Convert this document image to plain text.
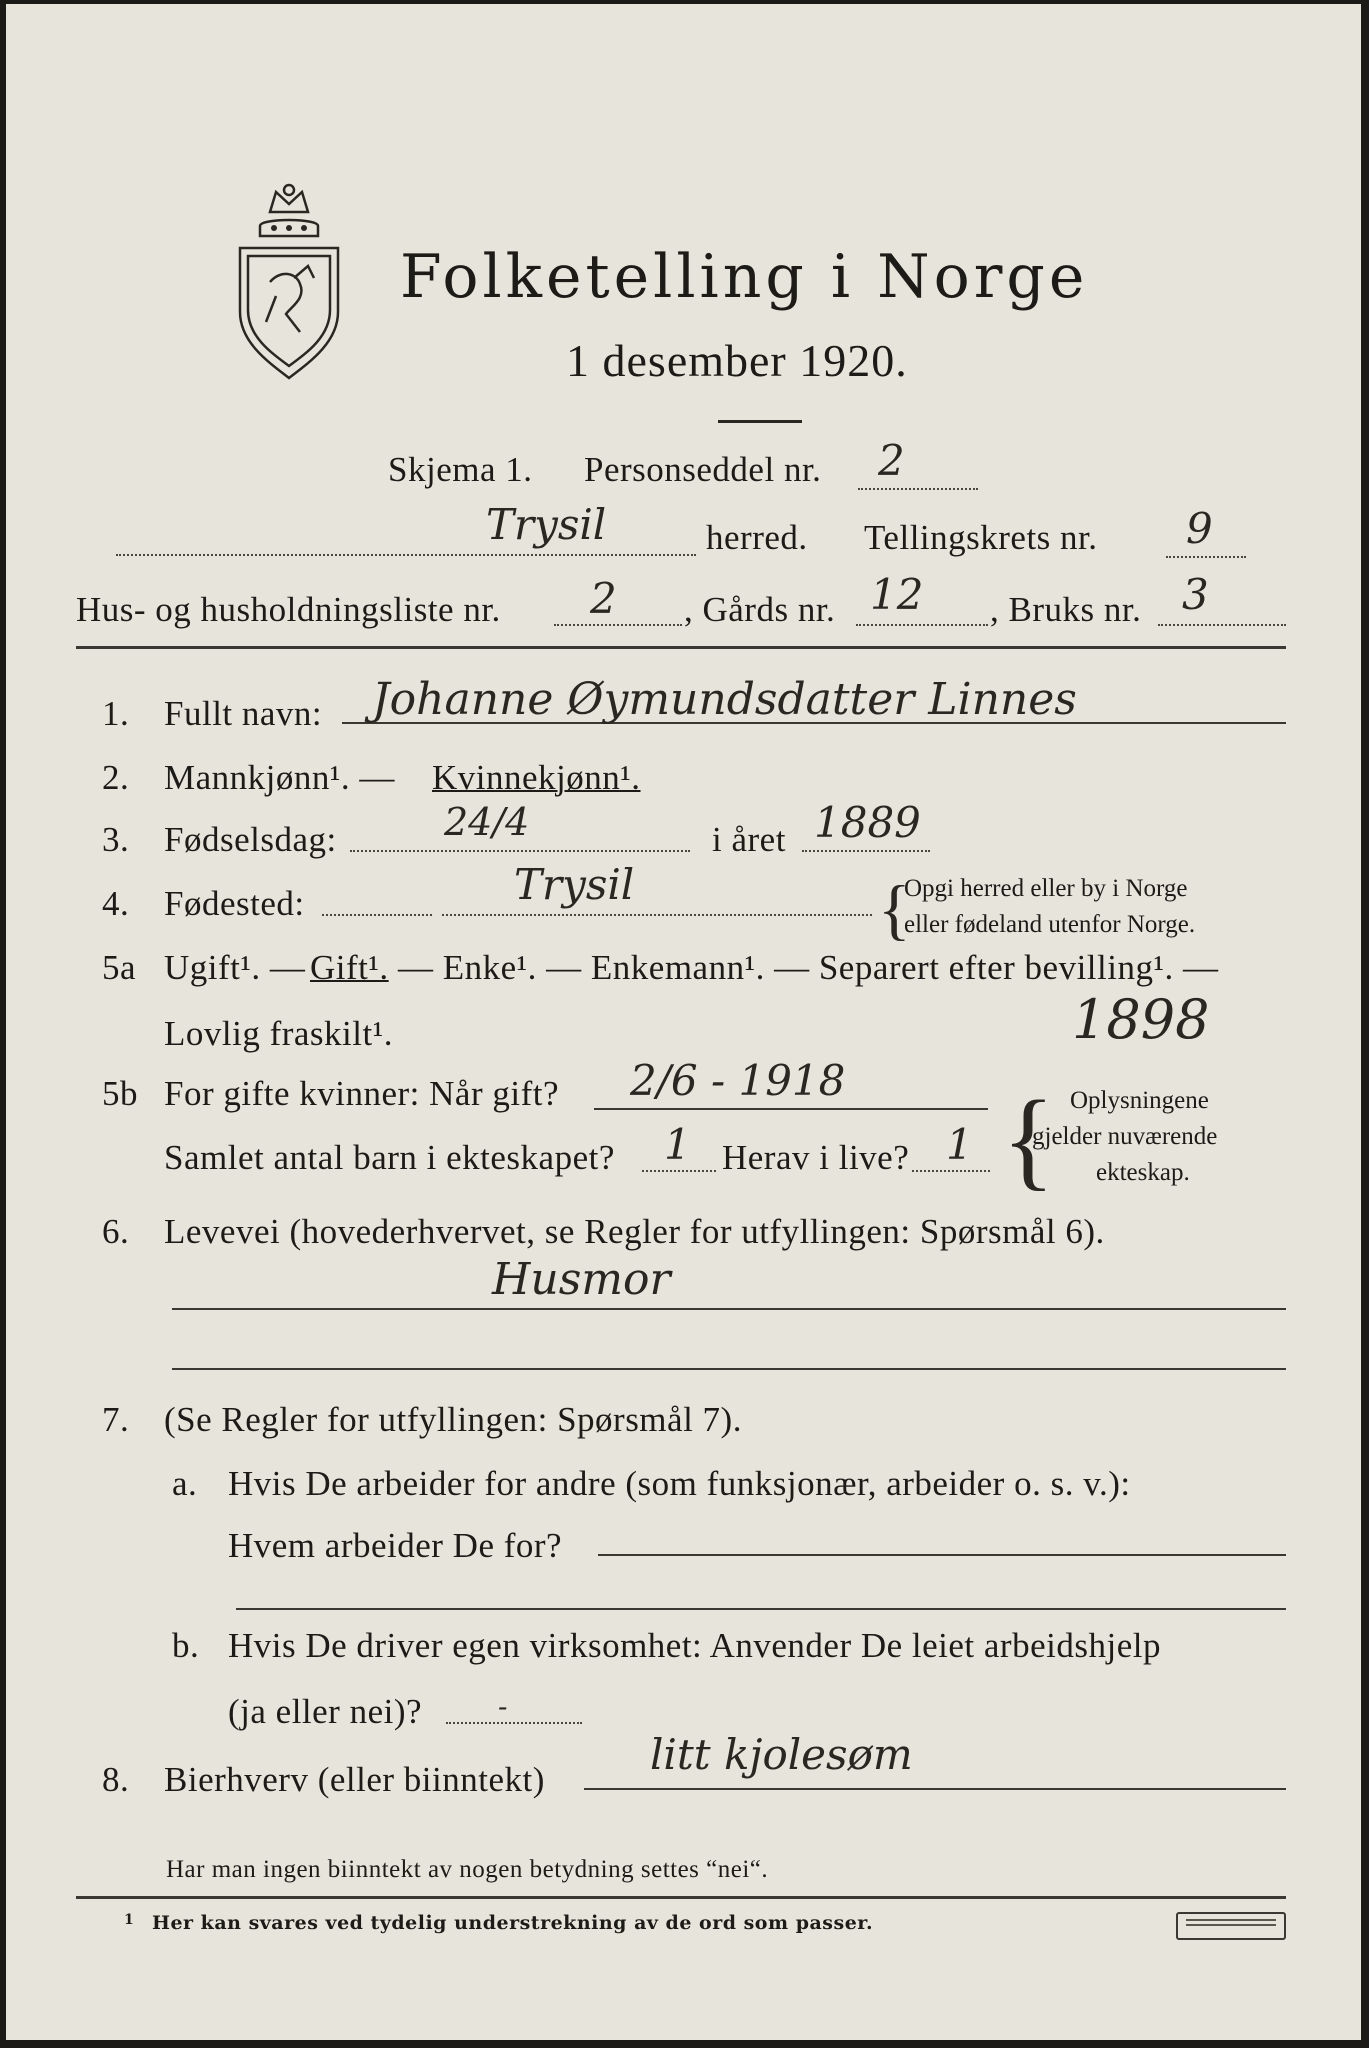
Folketelling i Norge
1 desember 1920.
Skjema 1. Personseddel nr. 2
Trysil	herred. Tellingskrets nr. 9
Hus- og husholdningsliste nr. 2 , Gårds nr. 12 , Bruks nr. 3
1. Fullt navn: Johanne Øymundsdatter Linnes
2. Mannkjønn¹. — Kvinnekjønn¹.
3. Fødselsdag:	24/4	i året 1889
4. Fødested:	Trysil	{
Opgi herred eller by i Norge
eller fødeland utenfor Norge.
5a Ugift¹. — Gift¹. — Enke¹. — Enkemann¹. — Separert efter bevilling¹. —
Lovlig fraskilt¹.	1898
5b For gifte kvinner: Når gift? 2/6 - 1918
Samlet antal barn i ekteskapet? 1 Herav i live? 1 { Oplysningene
gjelder nuværende
ekteskap.
6. Levevei (hovederhvervet, se Regler for utfyllingen: Spørsmål 6).
Husmor
7. (Se Regler for utfyllingen: Spørsmål 7).
a. Hvis De arbeider for andre (som funksjonær, arbeider o. s. v.):
Hvem arbeider De for?
b. Hvis De driver egen virksomhet: Anvender De leiet arbeidshjelp
(ja eller nei)?	-
8. Bierhverv (eller biinntekt)
litt kjolesøm
Har man ingen biinntekt av nogen betydning settes “nei“.
1 Her kan svares ved tydelig understrekning av de ord som passer.
